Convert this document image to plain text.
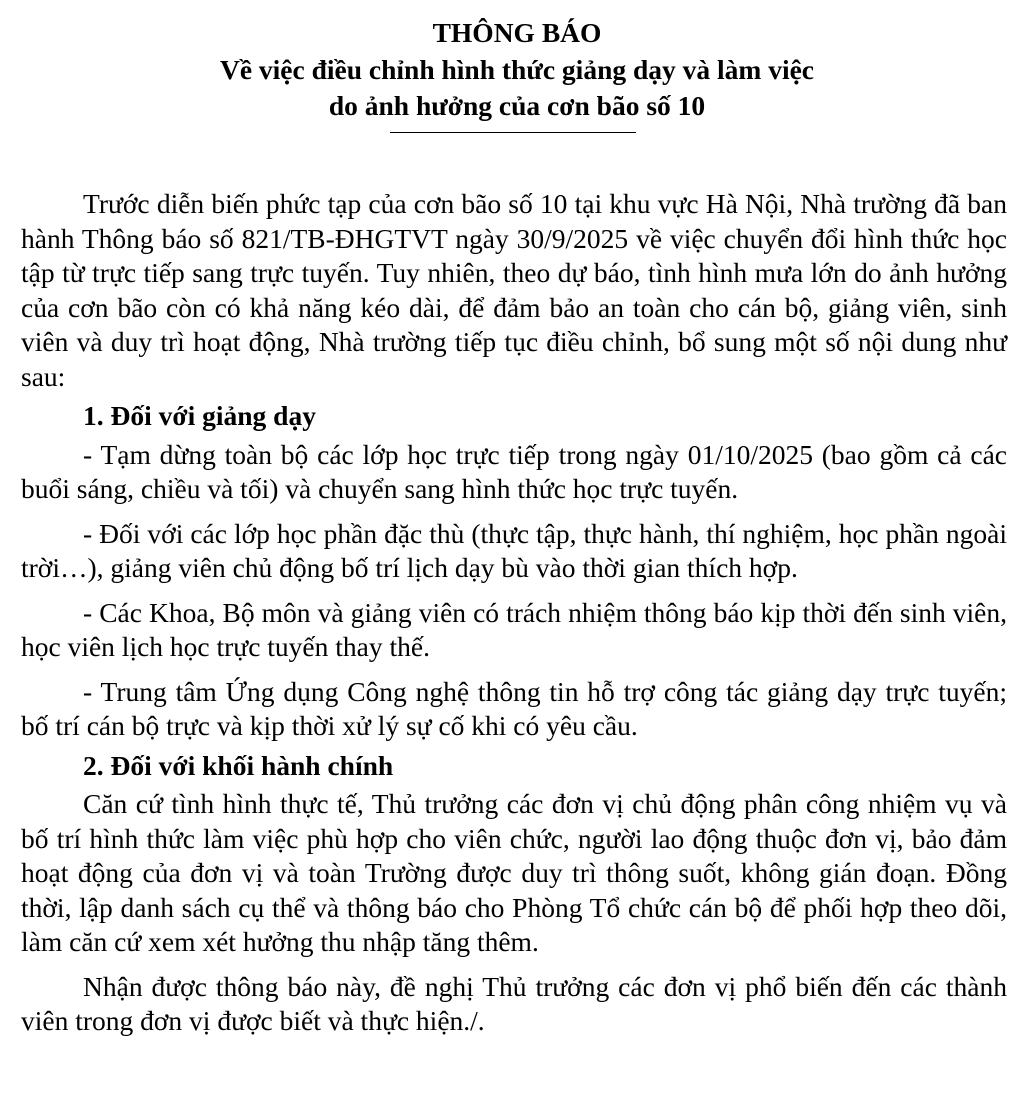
THÔNG BÁO
Về việc điều chỉnh hình thức giảng dạy và làm việc
do ảnh hưởng của cơn bão số 10

Trước diễn biến phức tạp của cơn bão số 10 tại khu vực Hà Nội, Nhà trường đã ban hành Thông báo số 821/TB-ĐHGTVT ngày 30/9/2025 về việc chuyển đổi hình thức học tập từ trực tiếp sang trực tuyến. Tuy nhiên, theo dự báo, tình hình mưa lớn do ảnh hưởng của cơn bão còn có khả năng kéo dài, để đảm bảo an toàn cho cán bộ, giảng viên, sinh viên và duy trì hoạt động, Nhà trường tiếp tục điều chỉnh, bổ sung một số nội dung như sau:

1. Đối với giảng dạy

- Tạm dừng toàn bộ các lớp học trực tiếp trong ngày 01/10/2025 (bao gồm cả các buổi sáng, chiều và tối) và chuyển sang hình thức học trực tuyến.

- Đối với các lớp học phần đặc thù (thực tập, thực hành, thí nghiệm, học phần ngoài trời…), giảng viên chủ động bố trí lịch dạy bù vào thời gian thích hợp.

- Các Khoa, Bộ môn và giảng viên có trách nhiệm thông báo kịp thời đến sinh viên, học viên lịch học trực tuyến thay thế.

- Trung tâm Ứng dụng Công nghệ thông tin hỗ trợ công tác giảng dạy trực tuyến; bố trí cán bộ trực và kịp thời xử lý sự cố khi có yêu cầu.

2. Đối với khối hành chính

Căn cứ tình hình thực tế, Thủ trưởng các đơn vị chủ động phân công nhiệm vụ và bố trí hình thức làm việc phù hợp cho viên chức, người lao động thuộc đơn vị, bảo đảm hoạt động của đơn vị và toàn Trường được duy trì thông suốt, không gián đoạn. Đồng thời, lập danh sách cụ thể và thông báo cho Phòng Tổ chức cán bộ để phối hợp theo dõi, làm căn cứ xem xét hưởng thu nhập tăng thêm.

Nhận được thông báo này, đề nghị Thủ trưởng các đơn vị phổ biến đến các thành viên trong đơn vị được biết và thực hiện./.
